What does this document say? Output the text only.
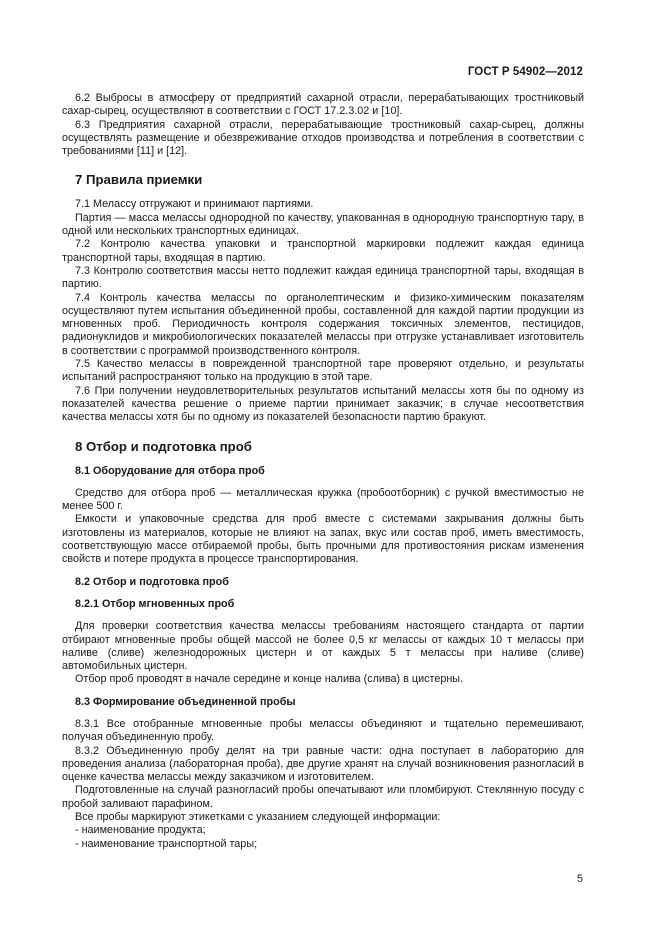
ГОСТ Р 54902—2012

6.2 Выбросы в атмосферу от предприятий сахарной отрасли, перерабатывающих тростниковый сахар-сырец, осуществляют в соответствии с ГОСТ 17.2.3.02 и [10].

6.3 Предприятия сахарной отрасли, перерабатывающие тростниковый сахар-сырец, должны осуществлять размещение и обезвреживание отходов производства и потребления в соответствии с требованиями [11] и [12].

7 Правила приемки

7.1 Мелассу отгружают и принимают партиями.

Партия — масса мелассы однородной по качеству, упакованная в однородную транспортную тару, в одной или нескольких транспортных единицах.

7.2 Контролю качества упаковки и транспортной маркировки подлежит каждая единица транспортной тары, входящая в партию.

7.3 Контролю соответствия массы нетто подлежит каждая единица транспортной тары, входящая в партию.

7.4 Контроль качества мелассы по органолептическим и физико-химическим показателям осуществляют путем испытания объединенной пробы, составленной для каждой партии продукции из мгновенных проб. Периодичность контроля содержания токсичных элементов, пестицидов, радионуклидов и микробиологических показателей мелассы при отгрузке устанавливает изготовитель в соответствии с программой производственного контроля.

7.5 Качество мелассы в поврежденной транспортной таре проверяют отдельно, и результаты испытаний распространяют только на продукцию в этой таре.

7.6 При получении неудовлетворительных результатов испытаний мелассы хотя бы по одному из показателей качества решение о приеме партии принимает заказчик; в случае несоответствия качества мелассы хотя бы по одному из показателей безопасности партию бракуют.

8 Отбор и подготовка проб
8.1 Оборудование для отбора проб

Средство для отбора проб — металлическая кружка (пробоотборник) с ручкой вместимостью не менее 500 г.

Емкости и упаковочные средства для проб вместе с системами закрывания должны быть изготовлены из материалов, которые не влияют на запах, вкус или состав проб, иметь вместимость, соответствующую массе отбираемой пробы, быть прочными для противостояния рискам изменения свойств и потере продукта в процессе транспортирования.

8.2 Отбор и подготовка проб
8.2.1 Отбор мгновенных проб

Для проверки соответствия качества мелассы требованиям настоящего стандарта от партии отбирают мгновенные пробы общей массой не более 0,5 кг мелассы от каждых 10 т мелассы при наливе (сливе) железнодорожных цистерн и от каждых 5 т мелассы при наливе (сливе) автомобильных цистерн.

Отбор проб проводят в начале середине и конце налива (слива) в цистерны.

8.3 Формирование объединенной пробы

8.3.1 Все отобранные мгновенные пробы мелассы объединяют и тщательно перемешивают, получая объединенную пробу.

8.3.2 Объединенную пробу делят на три равные части: одна поступает в лабораторию для проведения анализа (лабораторная проба), две другие хранят на случай возникновения разногласий в оценке качества мелассы между заказчиком и изготовителем.

Подготовленные на случай разногласий пробы опечатывают или пломбируют. Стеклянную посуду с пробой заливают парафином.

Все пробы маркируют этикетками с указанием следующей информации:

- наименование продукта;

- наименование транспортной тары;

5
